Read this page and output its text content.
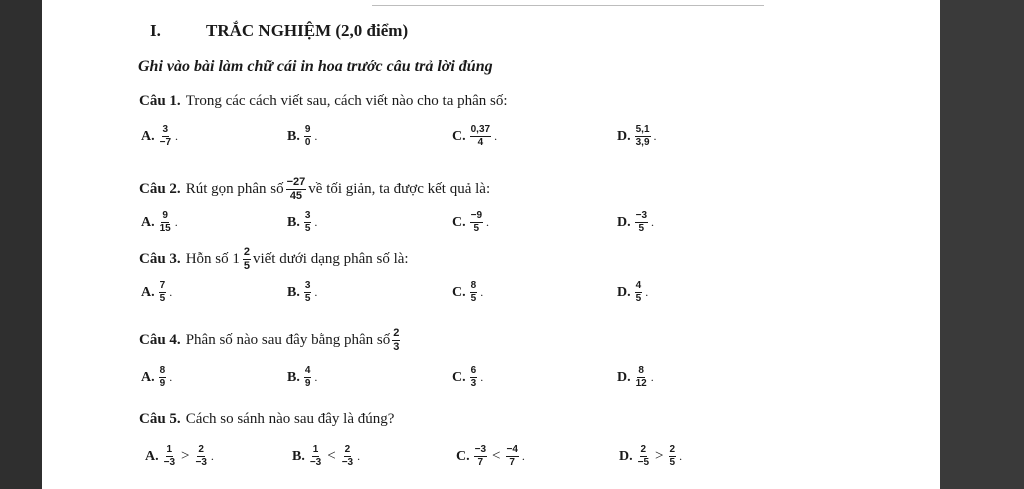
I.	TRẮC NGHIỆM (2,0 điểm)
Ghi vào bài làm chữ cái in hoa trước câu trả lời đúng
Câu 1. Trong các cách viết sau, cách viết nào cho ta phân số:
A. $\frac{3}{-7}$ .	B. $\frac{9}{0}$ .	C. $\frac{0,37}{4}$ .	D. $\frac{5,1}{3,9}$ .
Câu 2. Rút gọn phân số $\frac{-27}{45}$ về tối giản, ta được kết quả là:
A. $\frac{9}{15}$ .	B. $\frac{3}{5}$ .	C. $\frac{-9}{5}$ .	D. $\frac{-3}{5}$ .
Câu 3. Hỗn số
$1 \frac{2}{5}$ viết dưới dạng phân số là:
A. $\frac{7}{5}$ .	B. $\frac{3}{5}$ .	C. $\frac{8}{5}$ .	D. $\frac{4}{5}$ .
Câu 4. Phân số nào sau đây bằng phân số $\frac{2}{3}$
A. $\frac{8}{9}$ .	B. $\frac{4}{9}$ .	C. $\frac{6}{3}$ .	D. $\frac{8}{12}$ .
Câu 5. Cách so sánh nào sau đây là đúng?
A. $\frac{1}{-3} > \frac{2}{-3}$ .	B. $\frac{1}{-3} < \frac{2}{-3}$ .	C. $\frac{-3}{7} < \frac{-4}{7}$ .	D. $\frac{2}{-5} > \frac{2}{5}$ .
